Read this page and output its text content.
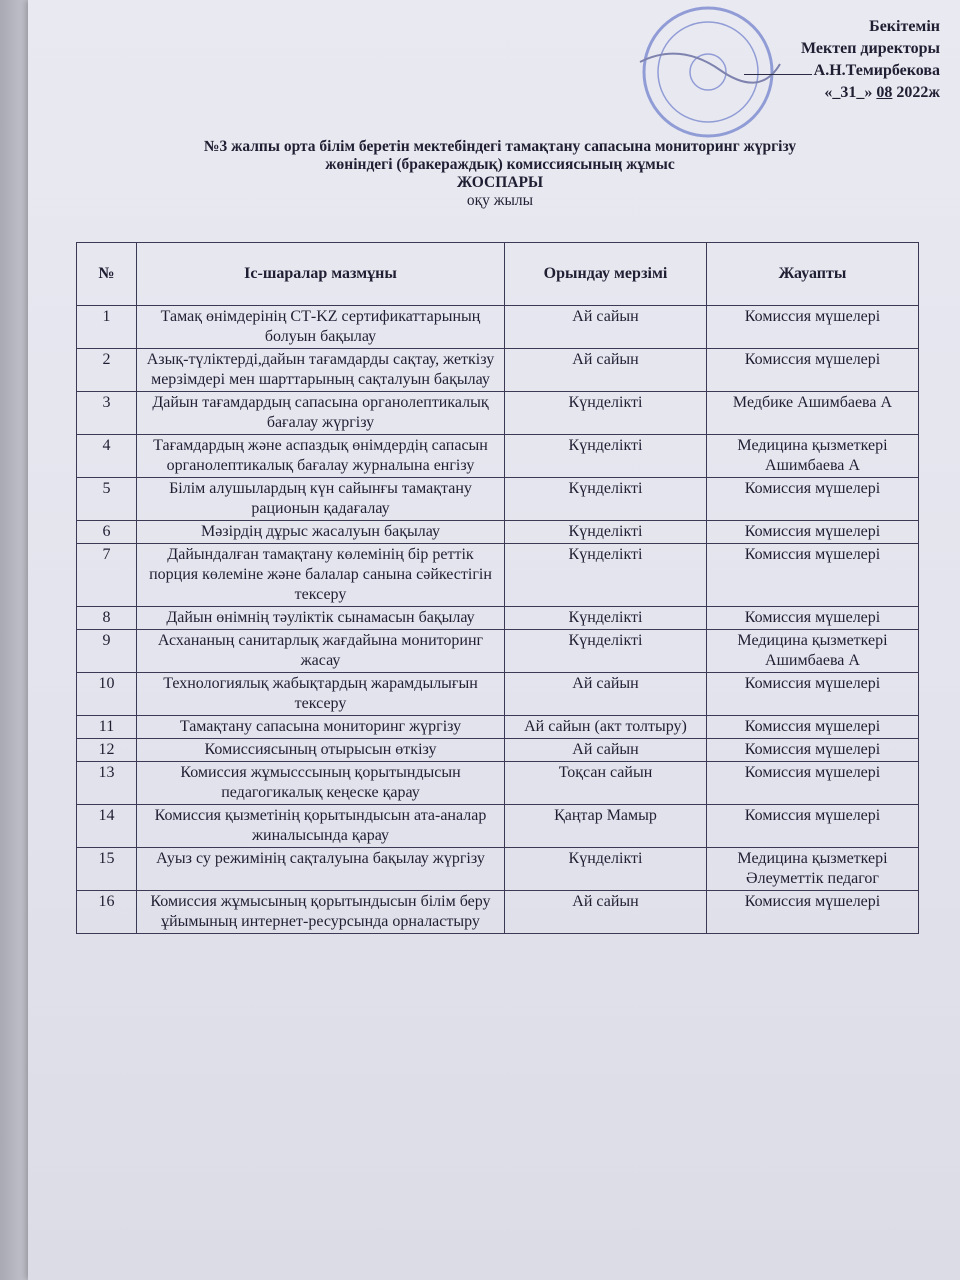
Бекітемін
Мектеп директоры
А.Н.Темирбекова
«_31_» 08 2022ж
№3 жалпы орта білім беретін мектебіндегі тамақтану сапасына мониторинг жүргізу
жөніндегі (бракераждық) комиссиясының жұмыс
ЖОСПАРЫ
оқу жылы
№	Іс-шаралар мазмұны	Орындау мерзімі	Жауапты
1	Тамақ өнімдерінің СТ-KZ сертификаттарының болуын бақылау	Ай сайын	Комиссия мүшелері
2	Азық-түліктерді,дайын тағамдарды сақтау, жеткізу мерзімдері мен шарттарының сақталуын бақылау	Ай сайын	Комиссия мүшелері
3	Дайын тағамдардың сапасына органолептикалық бағалау жүргізу	Күнделікті	Медбике Ашимбаева А
4	Тағамдардың және аспаздық өнімдердің сапасын органолептикалық бағалау журналына енгізу	Күнделікті	Медицина қызметкері Ашимбаева А
5	Білім алушылардың күн сайынғы тамақтану рационын қадағалау	Күнделікті	Комиссия мүшелері
6	Мәзірдің дұрыс жасалуын бақылау	Күнделікті	Комиссия мүшелері
7	Дайындалған тамақтану көлемінің бір реттік порция көлеміне және балалар санына сәйкестігін тексеру	Күнделікті	Комиссия мүшелері
8	Дайын өнімнің тәуліктік сынамасын бақылау	Күнделікті	Комиссия мүшелері
9	Асхананың санитарлық жағдайына мониторинг жасау	Күнделікті	Медицина қызметкері Ашимбаева А
10	Технологиялық жабықтардың жарамдылығын тексеру	Ай сайын	Комиссия мүшелері
11	Тамақтану сапасына мониторинг жүргізу	Ай сайын (акт толтыру)	Комиссия мүшелері
12	Комиссиясының отырысын өткізу	Ай сайын	Комиссия мүшелері
13	Комиссия жұмысссының қорытындысын педагогикалық кеңеске қарау	Тоқсан сайын	Комиссия мүшелері
14	Комиссия қызметінің қорытындысын ата-аналар жиналысында қарау	Қаңтар Мамыр	Комиссия мүшелері
15	Ауыз су режимінің сақталуына бақылау жүргізу	Күнделікті	Медицина қызметкері Әлеуметтік педагог
16	Комиссия жұмысының қорытындысын білім беру ұйымының интернет-ресурсында орналастыру	Ай сайын	Комиссия мүшелері
